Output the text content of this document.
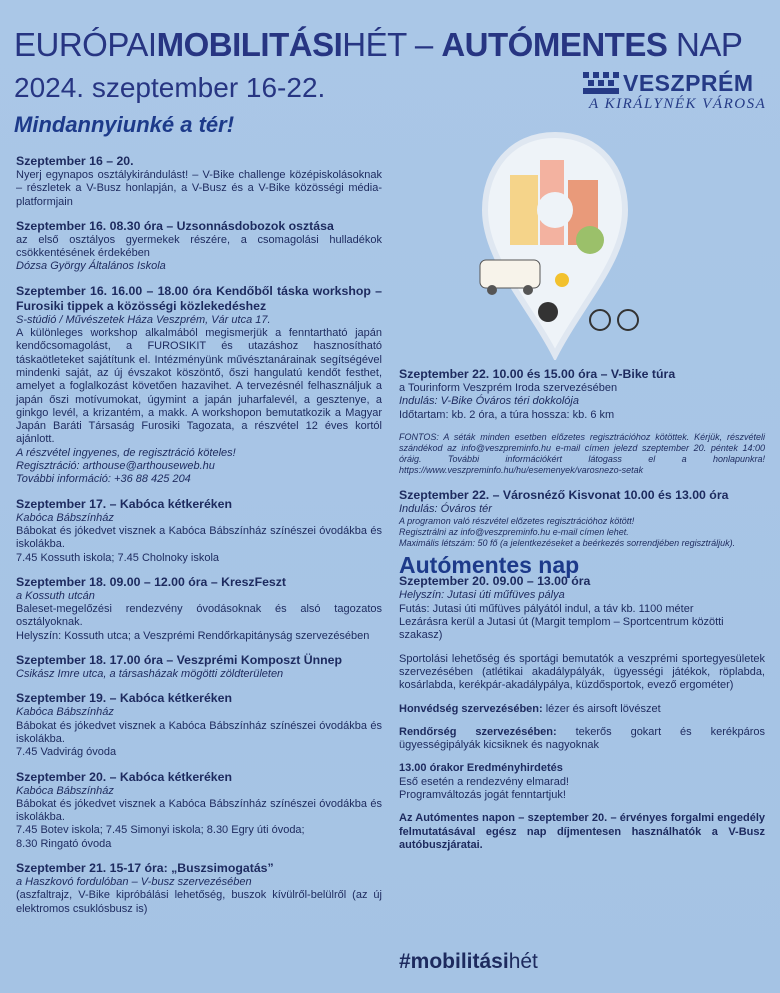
EURÓPAIMOBILITÁSIHÉT – AUTÓMENTES NAP
2024. szeptember 16-22.
Mindannyiunké a tér!
VESZPRÉM
A KIRÁLYNÉK VÁROSA
Szeptember 16 – 20.

Nyerj egynapos osztálykirándulást! – V-Bike challenge középiskolásoknak – részletek a V-Busz honlapján, a V-Busz és a V-Bike közösségi média-platformjain

Szeptember 16. 08.30 óra – Uzsonnásdobozok osztása

az első osztályos gyermekek részére, a csomagolási hulladékok csökkentésének érdekében

Dózsa György Általános Iskola

Szeptember 16. 16.00 – 18.00 óra Kendőből táska workshop – Furosiki tippek a közösségi közlekedéshez

S-stúdió / Művészetek Háza Veszprém, Vár utca 17.

A különleges workshop alkalmából megismerjük a fenntartható japán kendőcsomagolást, a FUROSIKIT és utazáshoz hasznosítható táskaötleteket sajátítunk el. Intézményünk művésztanárainak segítségével mindenki saját, az új évszakot köszöntő, őszi hangulatú kendőt festhet, amelyet a foglalkozást követően hazavihet. A tervezésnél felhasználjuk a japán őszi motívumokat, úgymint a japán juharfalevél, a gesztenye, a ginkgo levél, a krizantém, a makk. A workshopon bemutatkozik a Magyar Japán Baráti Társaság Furosiki Tagozata, a részvétel 12 éves kortól ajánlott.

A részvétel ingyenes, de regisztráció köteles!

Regisztráció: arthouse@arthouseweb.hu

További információ: +36 88 425 204

Szeptember 17. – Kabóca kétkeréken

Kabóca Bábszínház

Bábokat és jókedvet visznek a Kabóca Bábszínház színészei óvodákba és iskolákba.

7.45 Kossuth iskola; 7.45 Cholnoky iskola

Szeptember 18. 09.00 – 12.00 óra – KreszFeszt

a Kossuth utcán

Baleset-megelőzési rendezvény óvodásoknak és alsó tagozatos osztályoknak.

Helyszín: Kossuth utca; a Veszprémi Rendőrkapitányság szervezésében

Szeptember 18. 17.00 óra – Veszprémi Komposzt Ünnep

Csikász Imre utca, a társasházak mögötti zöldterületen

Szeptember 19. – Kabóca kétkeréken

Kabóca Bábszínház

Bábokat és jókedvet visznek a Kabóca Bábszínház színészei óvodákba és iskolákba.

7.45 Vadvirág óvoda

Szeptember 20. – Kabóca kétkeréken

Kabóca Bábszínház

Bábokat és jókedvet visznek a Kabóca Bábszínház színészei óvodákba és iskolákba.

7.45 Botev iskola; 7.45 Simonyi iskola; 8.30 Egry úti óvoda;

8.30 Ringató óvoda

Szeptember 21. 15-17 óra: „Buszsimogatás”

a Haszkovó fordulóban – V-busz szervezésében

(aszfaltrajz, V-Bike kipróbálási lehetőség, buszok kívülről-belülről (az új elektromos csuklósbusz is)

Szeptember 22. 10.00 és 15.00 óra – V-Bike túra

a Tourinform Veszprém Iroda szervezésében

Indulás: V-Bike Óváros téri dokkolója

Időtartam: kb. 2 óra, a túra hossza: kb. 6 km

FONTOS: A séták minden esetben előzetes regisztrációhoz kötöttek. Kérjük, részvételi szándékod az info@veszpreminfo.hu e-mail címen jelezd szeptember 20. péntek 14:00 óráig. További információkért látogass el a honlapunkra! https://www.veszpreminfo.hu/hu/esemenyek/varosnezo-setak

Szeptember 22. – Városnéző Kisvonat 10.00 és 13.00 óra

Indulás: Óváros tér

A programon való részvétel előzetes regisztrációhoz kötött!

Regisztrálni az info@veszpreminfo.hu e-mail címen lehet.

Maximális létszám: 50 fő (a jelentkezéseket a beérkezés sorrendjében regisztráljuk).

Autómentes nap
Szeptember 20. 09.00 – 13.00 óra

Helyszín: Jutasi úti műfüves pálya

Futás: Jutasi úti műfüves pályától indul, a táv kb. 1100 méter

Lezárásra kerül a Jutasi út (Margit templom – Sportcentrum közötti szakasz)

Sportolási lehetőség és sportági bemutatók a veszprémi sportegyesületek szervezésében (atlétikai akadálypályák, ügyességi játékok, röplabda, kosárlabda, kerékpár-akadálypálya, küzdősportok, evező ergométer)

Honvédség szervezésében: lézer és airsoft lövészet

Rendőrség szervezésében: tekerős gokart és kerékpáros ügyességipályák kicsiknek és nagyoknak

13.00 órakor Eredményhirdetés

Eső esetén a rendezvény elmarad!

Programváltozás jogát fenntartjuk!

Az Autómentes napon – szeptember 20. – érvényes forgalmi engedély felmutatásával egész nap díjmentesen használhatók a V-Busz autóbuszjáratai.

#mobilitásihét
